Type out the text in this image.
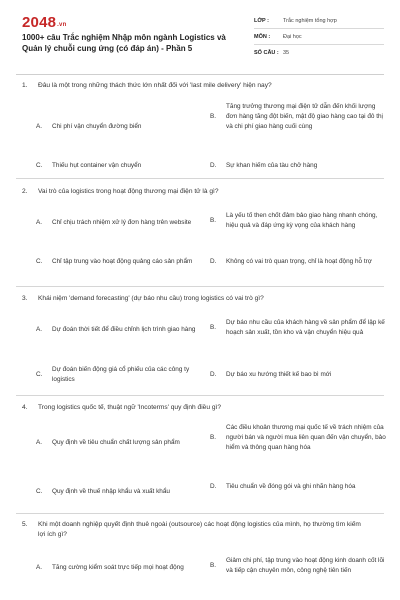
2048.vn
1000+ câu Trắc nghiệm Nhập môn ngành Logistics và Quản lý chuỗi cung ứng (có đáp án) - Phần 5
LỚP :	Trắc nghiệm tổng hợp
MÔN :	Đại học
SỐ CÂU : 35
1.	Đâu là một trong những thách thức lớn nhất đối với 'last mile delivery' hiện nay?
A.	Chi phí vận chuyển đường biển
B.
Tăng trưởng thương mại điện tử dẫn đến khối lượng đơn hàng tăng đột biến, mật độ giao hàng cao tại đô thị và chi phí giao hàng cuối cùng
C.	Thiếu hụt container vận chuyển	D.	Sự khan hiếm của tàu chở hàng
2.	Vai trò của logistics trong hoạt động thương mại điện tử là gì?
A.	Chỉ chịu trách nhiệm xử lý đơn hàng trên website	B.
Là yếu tố then chốt đảm bảo giao hàng nhanh chóng, hiệu quả và đáp ứng kỳ vọng của khách hàng
C.	Chỉ tập trung vào hoạt động quảng cáo sản phẩm	D.	Không có vai trò quan trọng, chỉ là hoạt động hỗ trợ
3.	Khái niệm 'demand forecasting' (dự báo nhu cầu) trong logistics có vai trò gì?
A.	Dự đoán thời tiết để điều chỉnh lịch trình giao hàng	B.
Dự báo nhu cầu của khách hàng về sản phẩm để lập kế hoạch sản xuất, tồn kho và vận chuyển hiệu quả
C.
Dự đoán biến động giá cổ phiếu của các công ty logistics
D.	Dự báo xu hướng thiết kế bao bì mới
4.	Trong logistics quốc tế, thuật ngữ 'Incoterms' quy định điều gì?
A.	Quy định về tiêu chuẩn chất lượng sản phẩm
B.
Các điều khoản thương mại quốc tế về trách nhiệm của người bán và người mua liên quan đến vận chuyển, bảo hiểm và thông quan hàng hóa
C.	Quy định về thuế nhập khẩu và xuất khẩu
D.	Tiêu chuẩn về đóng gói và ghi nhãn hàng hóa
5.	Khi một doanh nghiệp quyết định thuê ngoài (outsource) các hoạt động logistics của mình, họ thường tìm kiếm lợi ích gì?
A.	Tăng cường kiểm soát trực tiếp mọi hoạt động	B.
Giảm chi phí, tập trung vào hoạt động kinh doanh cốt lõi và tiếp cận chuyên môn, công nghệ tiên tiến
